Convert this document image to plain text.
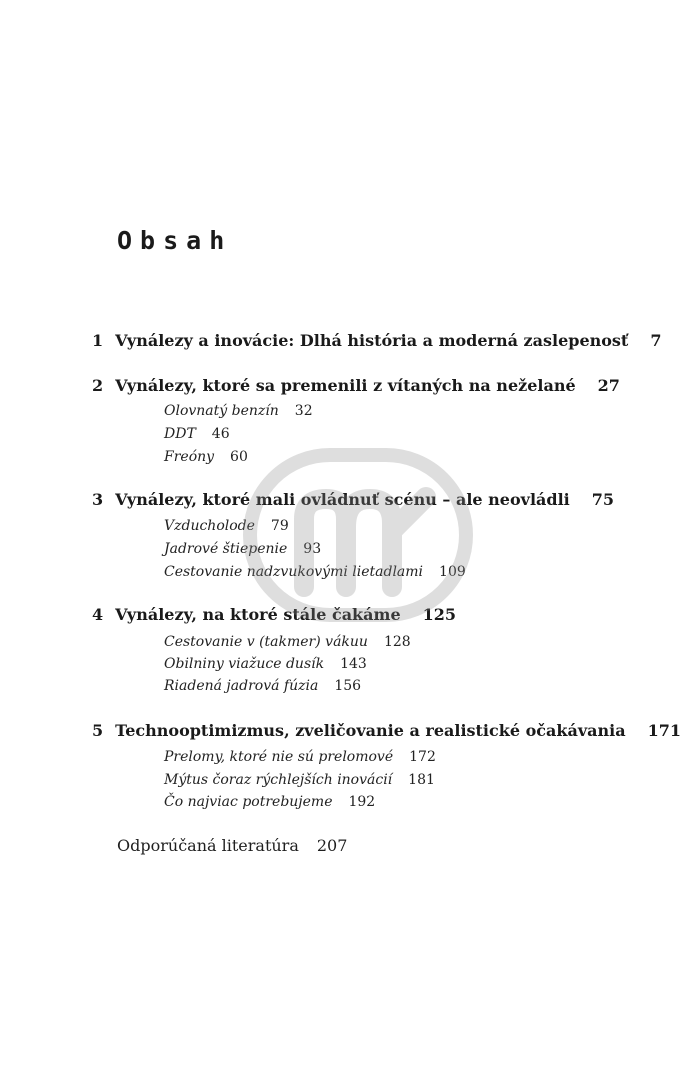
Obsah
1 Vynálezy a inovácie: Dlhá história a moderná zaslepenosť 7
2 Vynálezy, ktoré sa premenili z vítaných na neželané 27
Olovnatý benzín 32
DDT 46
Freóny 60
3 Vynálezy, ktoré mali ovládnuť scénu – ale neovládli 75
Vzducholode 79
Jadrové štiepenie 93
Cestovanie nadzvukovými lietadlami 109
4 Vynálezy, na ktoré stále čakáme 125
Cestovanie v (takmer) vákuu 128
Obilniny viažuce dusík 143
Riadená jadrová fúzia 156
5 Technooptimizmus, zveličovanie a realistické očakávania 171
Prelomy, ktoré nie sú prelomové 172
Mýtus čoraz rýchlejších inovácií 181
Čo najviac potrebujeme 192
Odporúčaná literatúra 207
